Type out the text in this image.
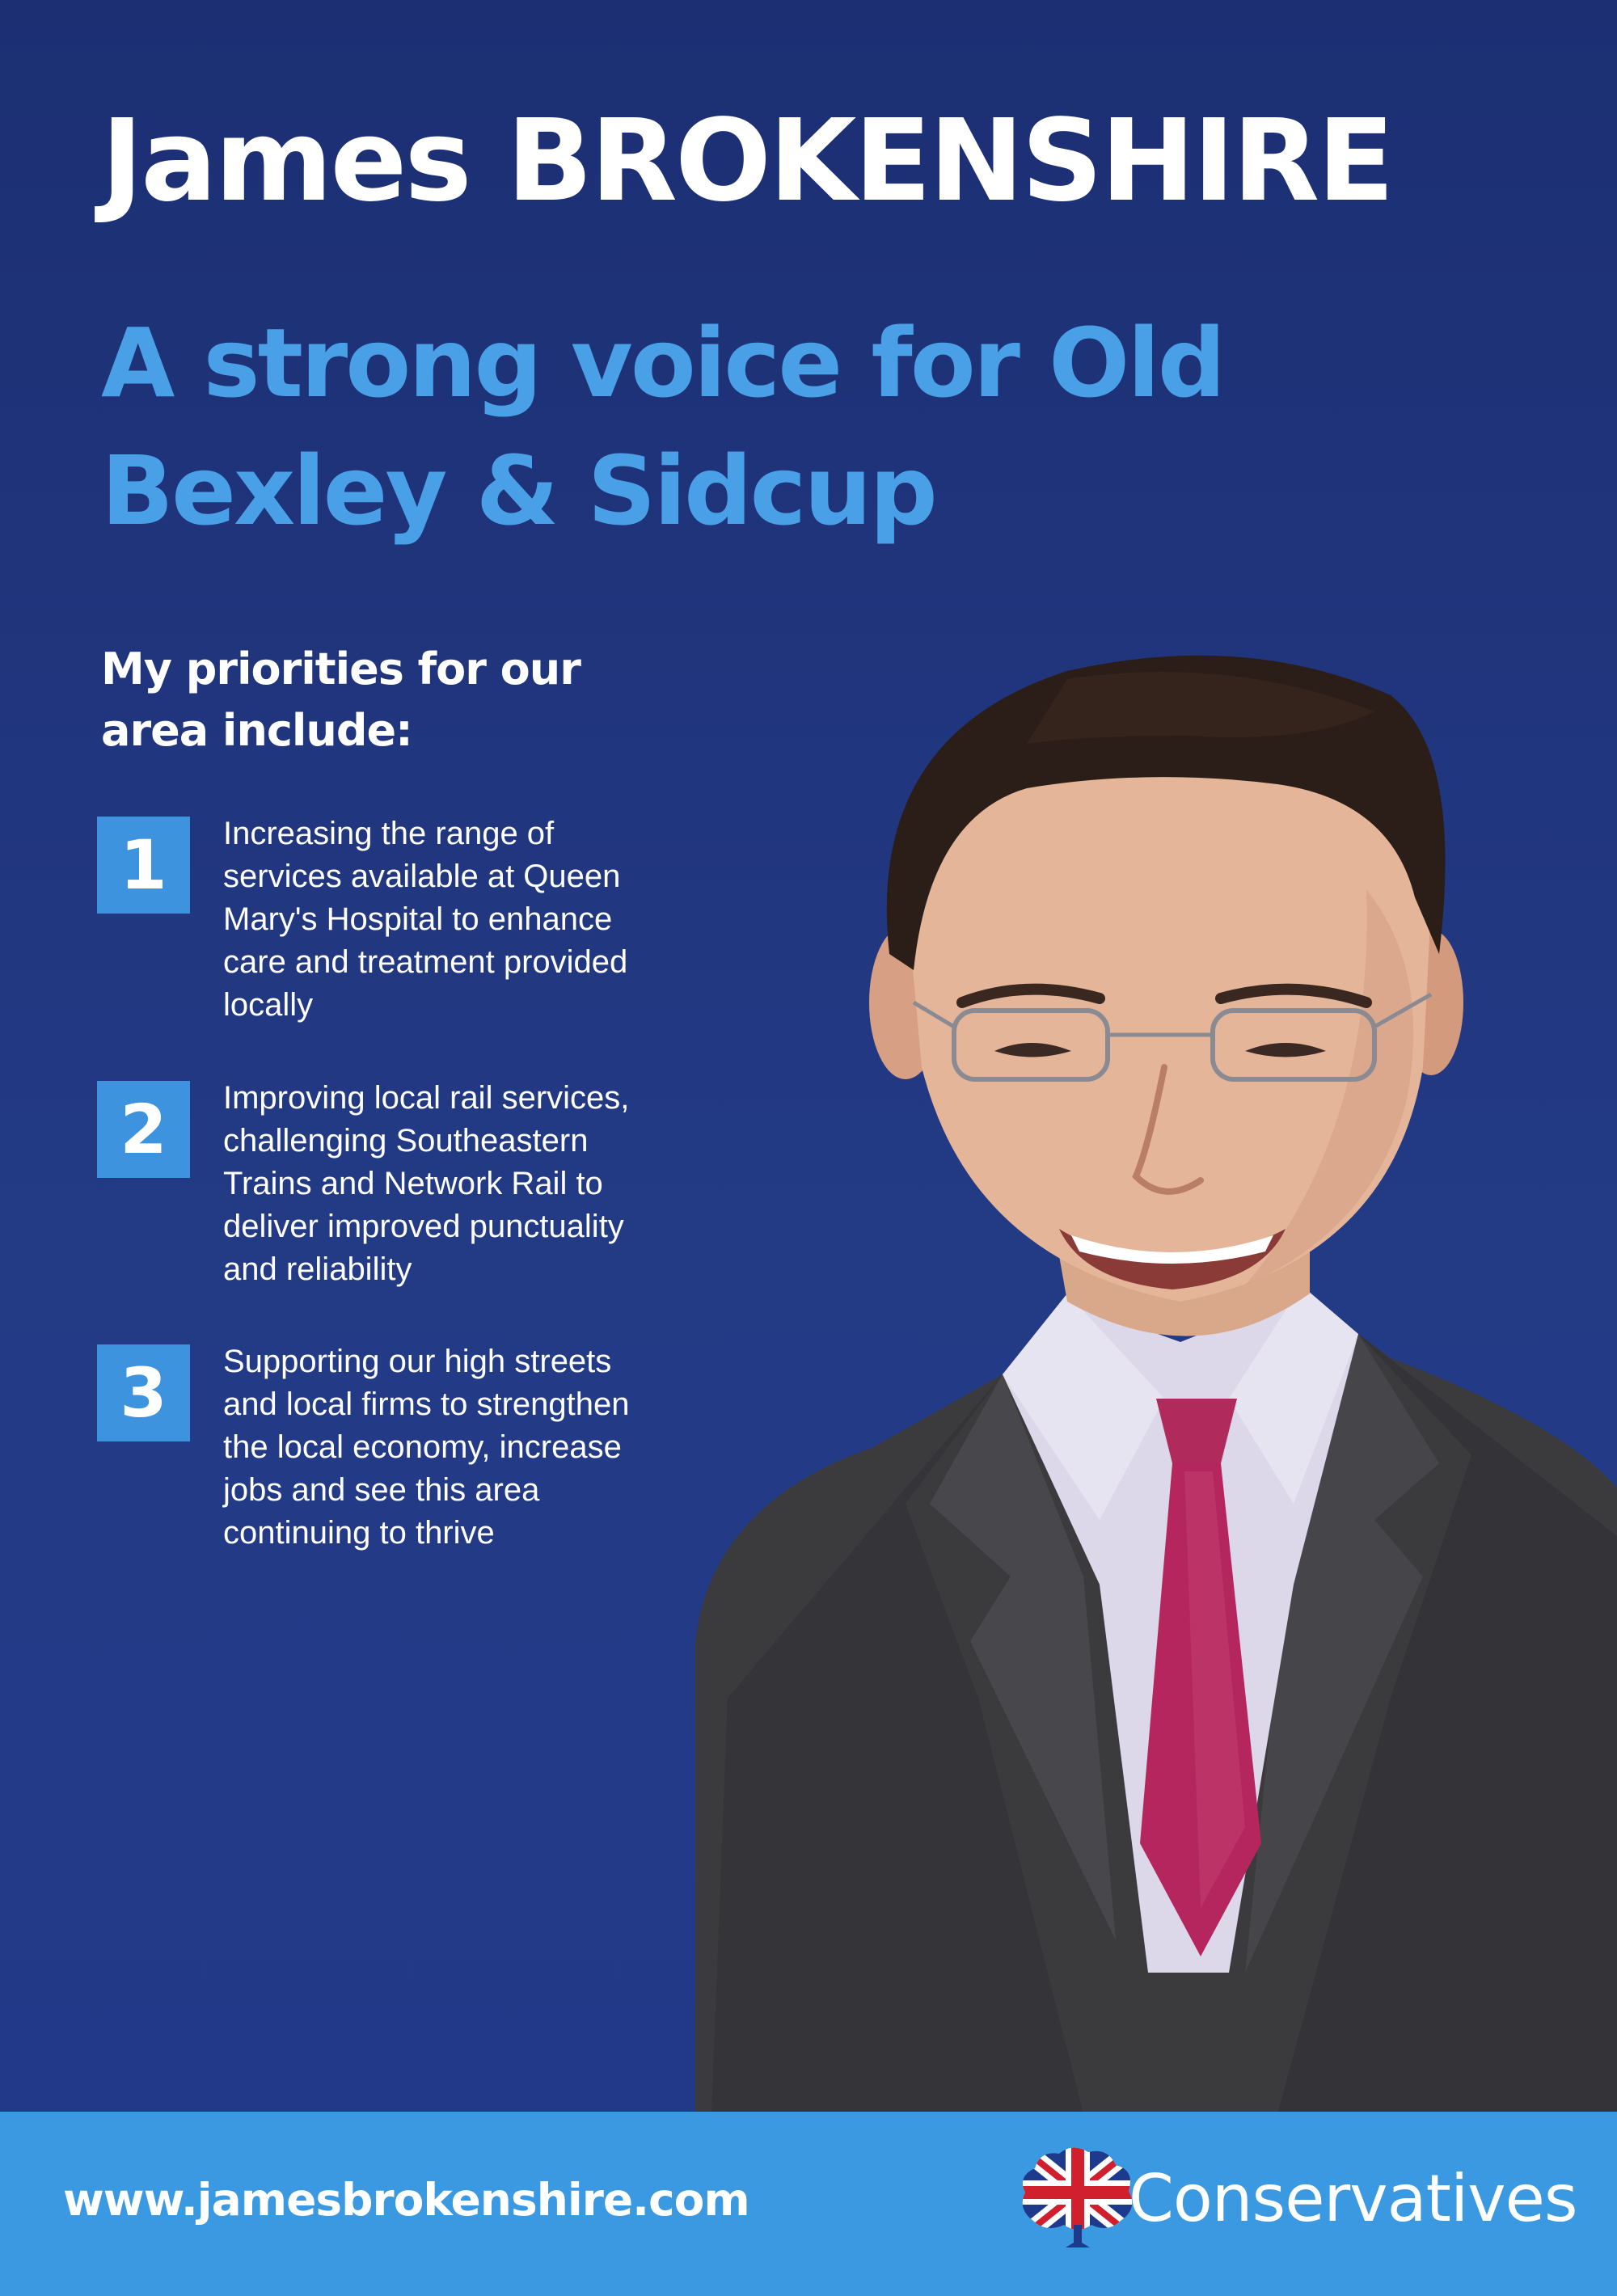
James BROKENSHIRE
A strong voice for Old
Bexley & Sidcup
My priorities for our
area include:
1	Increasing the range of
services available at Queen
Mary's Hospital to enhance
care and treatment provided
locally
2	Improving local rail services,
challenging Southeastern
Trains and Network Rail to
deliver improved punctuality
and reliability
3	Supporting our high streets
and local firms to strengthen
the local economy, increase
jobs and see this area
continuing to thrive
www.jamesbrokenshire.com	Conservatives
